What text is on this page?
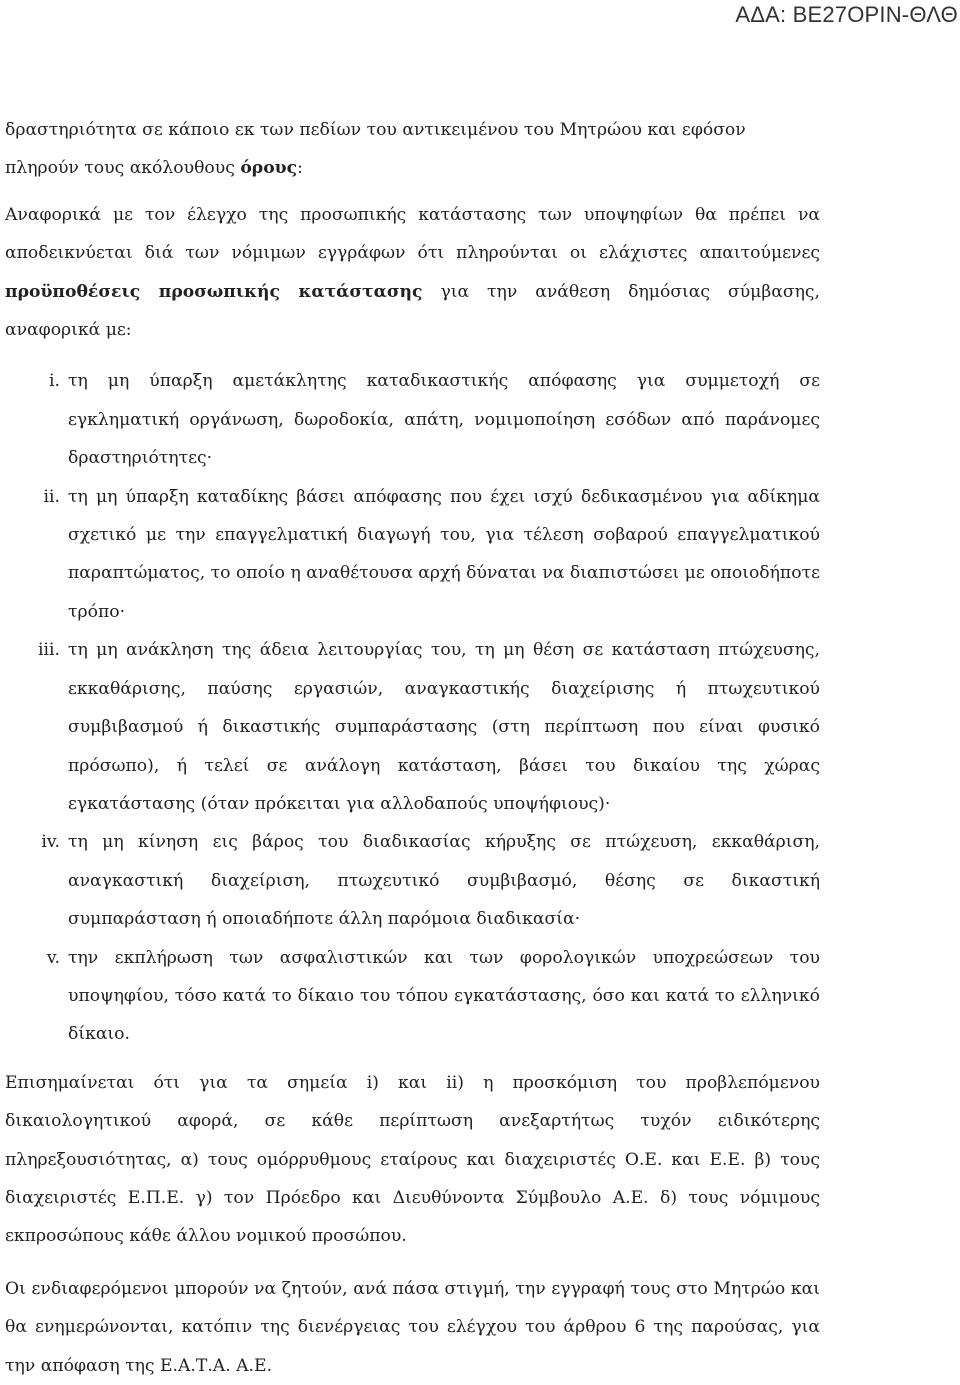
ΑΔΑ: ΒΕ27ΟΡΙΝ-ΘΛΘ

δραστηριότητα σε κάποιο εκ των πεδίων του αντικειμένου του Μητρώου και εφόσον πληρούν τους ακόλουθους όρους:

Αναφορικά με τον έλεγχο της προσωπικής κατάστασης των υποψηφίων θα πρέπει να αποδεικνύεται διά των νόμιμων εγγράφων ότι πληρούνται οι ελάχιστες απαιτούμενες προϋποθέσεις προσωπικής κατάστασης για την ανάθεση δημόσιας σύμβασης, αναφορικά με:

i. τη μη ύπαρξη αμετάκλητης καταδικαστικής απόφασης για συμμετοχή σε εγκληματική οργάνωση, δωροδοκία, απάτη, νομιμοποίηση εσόδων από παράνομες δραστηριότητες·
ii. τη μη ύπαρξη καταδίκης βάσει απόφασης που έχει ισχύ δεδικασμένου για αδίκημα σχετικό με την επαγγελματική διαγωγή του, για τέλεση σοβαρού επαγγελματικού παραπτώματος, το οποίο η αναθέτουσα αρχή δύναται να διαπιστώσει με οποιοδήποτε τρόπο·
iii. τη μη ανάκληση της άδεια λειτουργίας του, τη μη θέση σε κατάσταση πτώχευσης, εκκαθάρισης, παύσης εργασιών, αναγκαστικής διαχείρισης ή πτωχευτικού συμβιβασμού ή δικαστικής συμπαράστασης (στη περίπτωση που είναι φυσικό πρόσωπο), ή τελεί σε ανάλογη κατάσταση, βάσει του δικαίου της χώρας εγκατάστασης (όταν πρόκειται για αλλοδαπούς υποψήφιους)·
iv. τη μη κίνηση εις βάρος του διαδικασίας κήρυξης σε πτώχευση, εκκαθάριση, αναγκαστική διαχείριση, πτωχευτικό συμβιβασμό, θέσης σε δικαστική συμπαράσταση ή οποιαδήποτε άλλη παρόμοια διαδικασία·
v. την εκπλήρωση των ασφαλιστικών και των φορολογικών υποχρεώσεων του υποψηφίου, τόσο κατά το δίκαιο του τόπου εγκατάστασης, όσο και κατά το ελληνικό δίκαιο.

Επισημαίνεται ότι για τα σημεία i) και ii) η προσκόμιση του προβλεπόμενου δικαιολογητικού αφορά, σε κάθε περίπτωση ανεξαρτήτως τυχόν ειδικότερης πληρεξουσιότητας, α) τους ομόρρυθμους εταίρους και διαχειριστές Ο.Ε. και Ε.Ε. β) τους διαχειριστές Ε.Π.Ε. γ) τον Πρόεδρο και Διευθύνοντα Σύμβουλο Α.Ε. δ) τους νόμιμους εκπροσώπους κάθε άλλου νομικού προσώπου.

Οι ενδιαφερόμενοι μπορούν να ζητούν, ανά πάσα στιγμή, την εγγραφή τους στο Μητρώο και θα ενημερώνονται, κατόπιν της διενέργειας του ελέγχου του άρθρου 6 της παρούσας, για την απόφαση της Ε.Α.Τ.Α. Α.Ε.
